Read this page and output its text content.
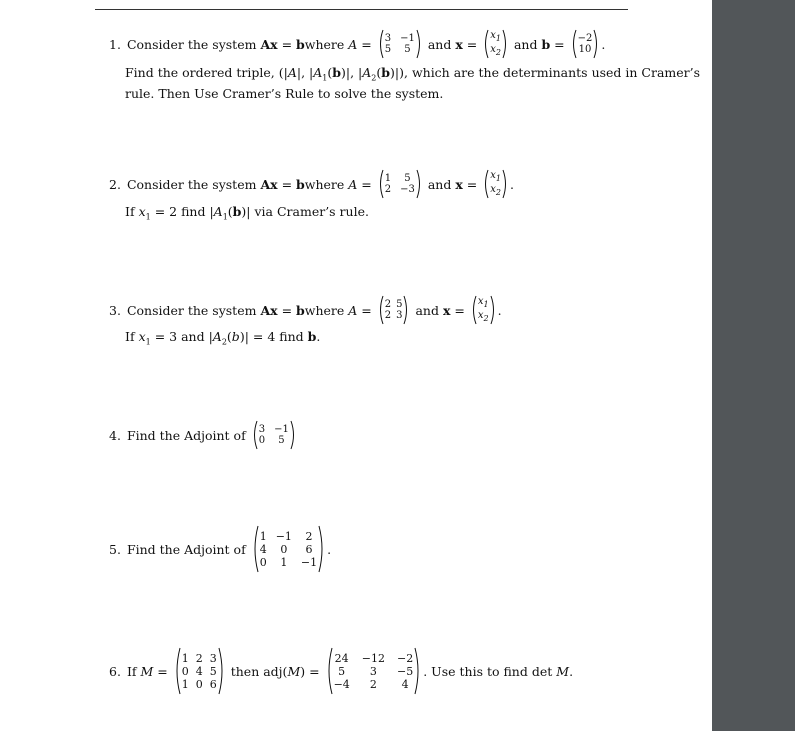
1. Consider the system Ax = b where A = 3 −1
5	5
	and x =
$x_1$
$x_2$

and b = −2
10 .
Find the ordered triple, (|A|, $|A_1(b)|$, $|A_2(b)|$), which are the determinants used in Cramer’s
rule. Then Use Cramer’s Rule to solve the system.
2. Consider the system Ax = b where A = 1	5
2 −3
and x =
$x_1$
$x_2$
.
If $x_1 = 2$ find $|A_1(b)|$ via Cramer’s rule.
3. Consider the system Ax = b where A = 2 5
2 3
and x =
$x_1$
$x_2$
.
If $x_1 = 3$ and $|A_2(b)| = 4$ find b.
4. Find the Adjoint of
3 −1
0	5
5. Find the Adjoint of

1 −1	2
4	0	6
0	1	−1
.
6. If M =
1 2 3
0 4 5
1 0 6

then adj(M) =
24 −12 −2
5	3	−5
−4	2	4
. Use this to find det M.
